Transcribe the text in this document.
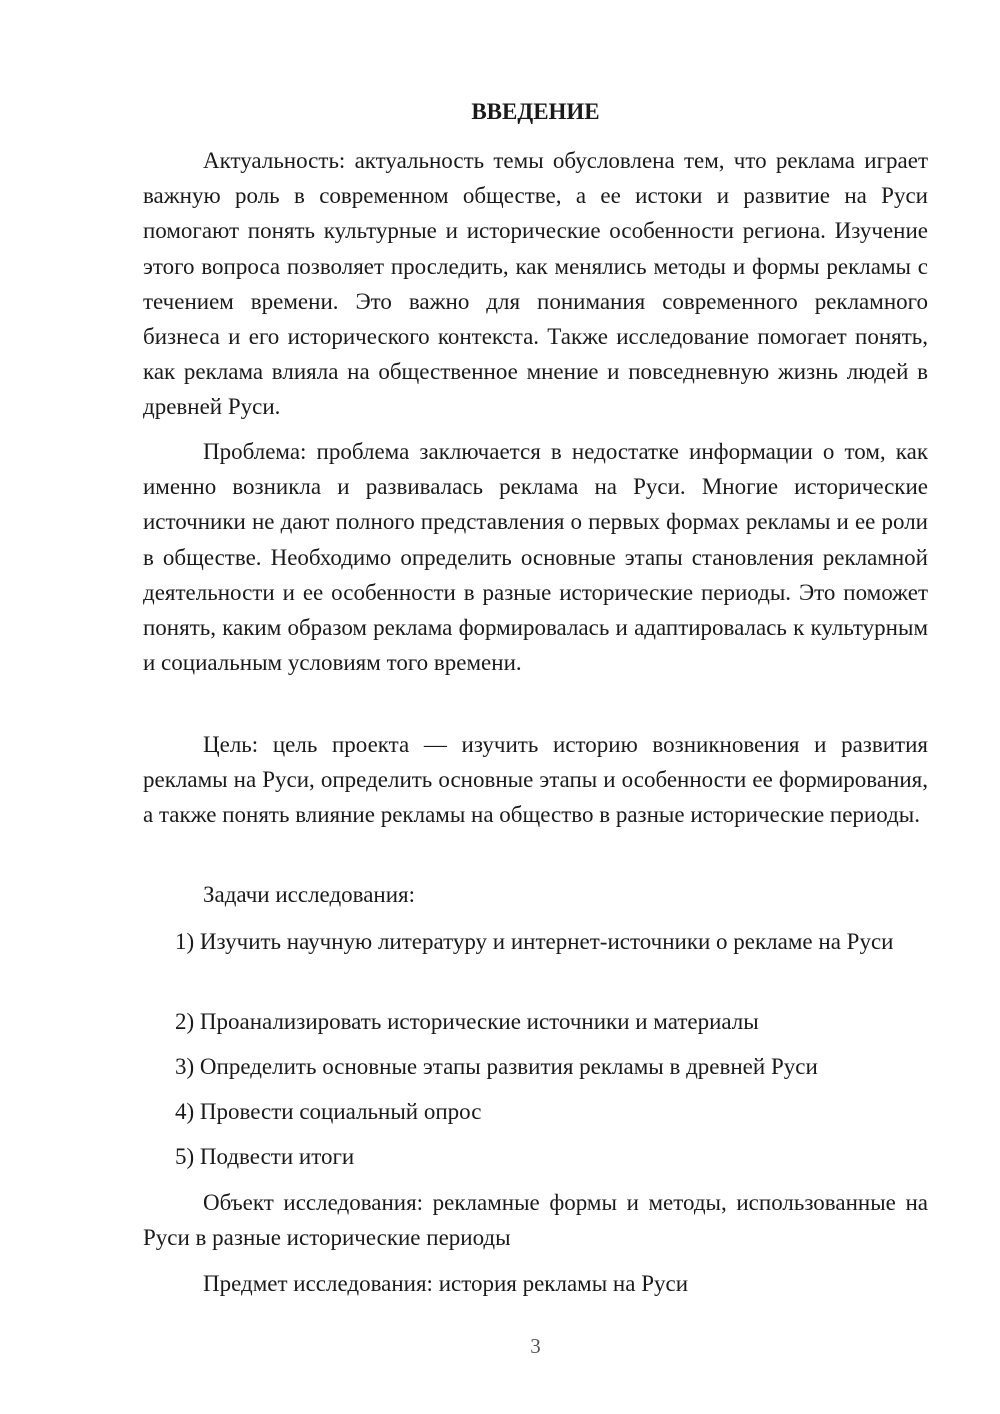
ВВЕДЕНИЕ

Актуальность: актуальность темы обусловлена тем, что реклама играет важную роль в современном обществе, а ее истоки и развитие на Руси помогают понять культурные и исторические особенности региона. Изучение этого вопроса позволяет проследить, как менялись методы и формы рекламы с течением времени. Это важно для понимания современного рекламного бизнеса и его исторического контекста. Также исследование помогает понять, как реклама влияла на общественное мнение и повседневную жизнь людей в древней Руси.

Проблема: проблема заключается в недостатке информации о том, как именно возникла и развивалась реклама на Руси. Многие исторические источники не дают полного представления о первых формах рекламы и ее роли в обществе. Необходимо определить основные этапы становления рекламной деятельности и ее особенности в разные исторические периоды. Это поможет понять, каким образом реклама формировалась и адаптировалась к культурным и социальным условиям того времени.

Цель: цель проекта — изучить историю возникновения и развития рекламы на Руси, определить основные этапы и особенности ее формирования, а также понять влияние рекламы на общество в разные исторические периоды.

Задачи исследования:

1) Изучить научную литературу и интернет-источники о рекламе на Руси

2) Проанализировать исторические источники и материалы

3) Определить основные этапы развития рекламы в древней Руси

4) Провести социальный опрос

5) Подвести итоги

Объект исследования: рекламные формы и методы, использованные на Руси в разные исторические периоды

Предмет исследования: история рекламы на Руси

3
